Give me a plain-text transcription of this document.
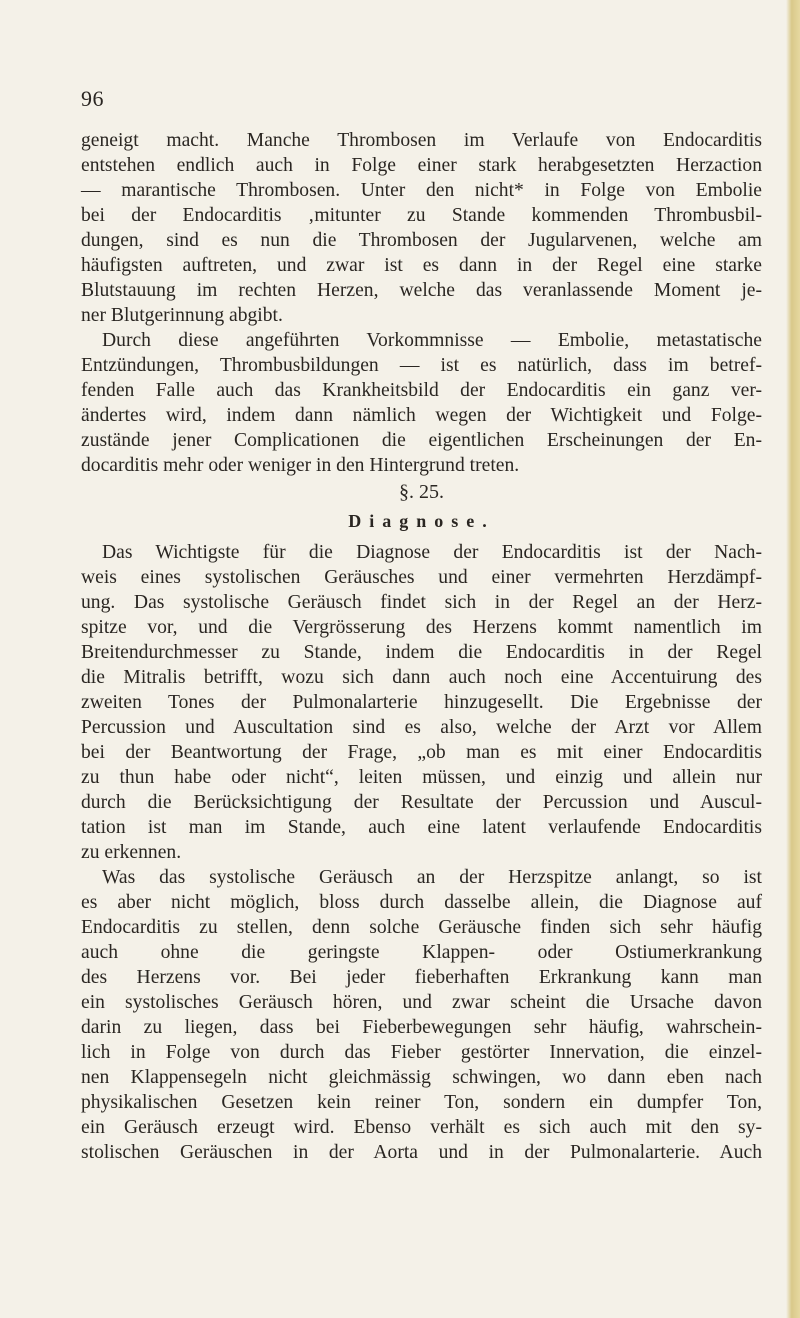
96
geneigt macht. Manche Thrombosen im Verlaufe von Endocarditis
entstehen endlich auch in Folge einer stark herabgesetzten Herzaction
— marantische Thrombosen. Unter den nicht* in Folge von Embolie
bei der Endocarditis ‚mitunter zu Stande kommenden Thrombusbil-
dungen, sind es nun die Thrombosen der Jugularvenen, welche am
häufigsten auftreten, und zwar ist es dann in der Regel eine starke
Blutstauung im rechten Herzen, welche das veranlassende Moment je-
ner Blutgerinnung abgibt.
Durch diese angeführten Vorkommnisse — Embolie, metastatische
Entzündungen, Thrombusbildungen — ist es natürlich, dass im betref-
fenden Falle auch das Krankheitsbild der Endocarditis ein ganz ver-
ändertes wird, indem dann nämlich wegen der Wichtigkeit und Folge-
zustände jener Complicationen die eigentlichen Erscheinungen der En-
docarditis mehr oder weniger in den Hintergrund treten.
§. 25.
Diagnose.
Das Wichtigste für die Diagnose der Endocarditis ist der Nach-
weis eines systolischen Geräusches und einer vermehrten Herzdämpf-
ung. Das systolische Geräusch findet sich in der Regel an der Herz-
spitze vor, und die Vergrösserung des Herzens kommt namentlich im
Breitendurchmesser zu Stande, indem die Endocarditis in der Regel
die Mitralis betrifft, wozu sich dann auch noch eine Accentuirung des
zweiten Tones der Pulmonalarterie hinzugesellt. Die Ergebnisse der
Percussion und Auscultation sind es also, welche der Arzt vor Allem
bei der Beantwortung der Frage, „ob man es mit einer Endocarditis
zu thun habe oder nicht“, leiten müssen, und einzig und allein nur
durch die Berücksichtigung der Resultate der Percussion und Auscul-
tation ist man im Stande, auch eine latent verlaufende Endocarditis
zu erkennen.
Was das systolische Geräusch an der Herzspitze anlangt, so ist
es aber nicht möglich, bloss durch dasselbe allein, die Diagnose auf
Endocarditis zu stellen, denn solche Geräusche finden sich sehr häufig
auch ohne die geringste Klappen- oder Ostiumerkrankung
des Herzens vor. Bei jeder fieberhaften Erkrankung kann man
ein systolisches Geräusch hören, und zwar scheint die Ursache davon
darin zu liegen, dass bei Fieberbewegungen sehr häufig, wahrschein-
lich in Folge von durch das Fieber gestörter Innervation, die einzel-
nen Klappensegeln nicht gleichmässig schwingen, wo dann eben nach
physikalischen Gesetzen kein reiner Ton, sondern ein dumpfer Ton,
ein Geräusch erzeugt wird. Ebenso verhält es sich auch mit den sy-
stolischen Geräuschen in der Aorta und in der Pulmonalarterie. Auch
